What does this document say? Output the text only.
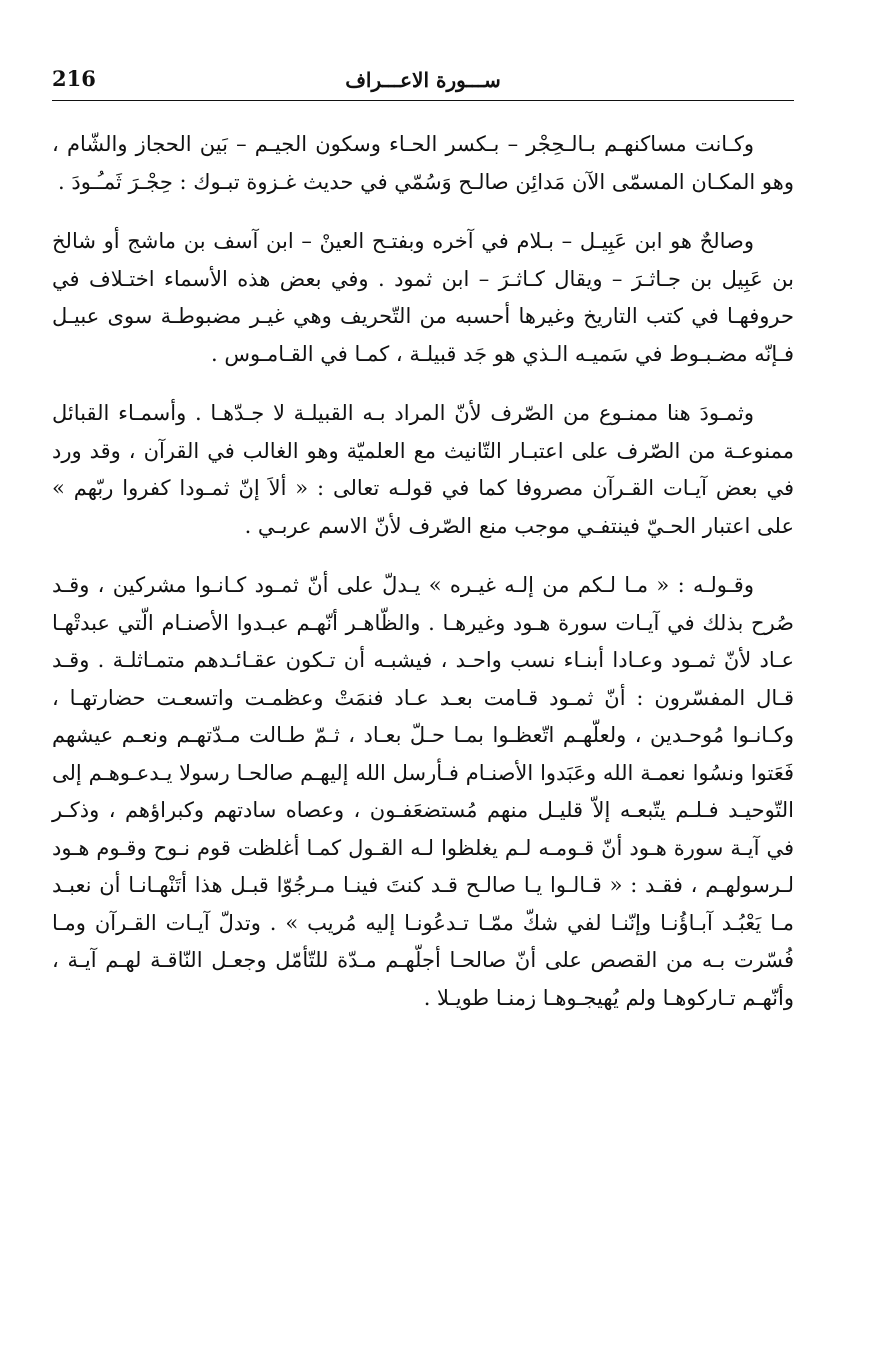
216	ســـورة الاعـــراف

وكـانت مساكنهـم بـالـحِجْر – بـكسر الحـاء وسكون الجيـم – بَين الحجاز والشّام ، وهو المكـان المسمّى الآن مَدائِن صالـح وَسُمّي في حديث غـزوة تبـوك : حِجْـرَ ثَمـُـودَ .

وصالحٌ هو ابن عَبِيـل – بـلام في آخره وبفتـح العينْ – ابن آسف بن ماشج أو شالخ بن عَبِيل بن جـاثـرَ – ويقال كـاثـرَ – ابن ثمود . وفي بعض هذه الأسماء اختـلاف في حروفهـا في كتب التاريخ وغيرها أحسبه من التّحريف وهي غيـر مضبوطـة سوى عبيـل فـإنّه مضـبـوط في سَميـه الـذي هو جَد قبيلـة ، كمـا في القـامـوس .

وثمـودَ هنا ممنـوع من الصّرف لأنّ المراد بـه القبيلـة لا جـدّهـا . وأسمـاء القبائل ممنوعـة من الصّرف على اعتبـار التّانيث مع العلميّة وهو الغالب في القرآن ، وقد ورد في بعض آيـات القـرآن مصروفا كما في قولـه تعالى : « ألاَ إنّ ثمـودا كفروا ربّهم » على اعتبار الحـيّ فينتفـي موجب منع الصّرف لأنّ الاسم عربـي .

وقـولـه : « مـا لـكم من إلـه غيـره » يـدلّ على أنّ ثمـود كـانـوا مشركين ، وقـد صُرح بذلك في آيـات سورة هـود وغيرهـا . والظّاهـر أنّهـم عبـدوا الأصنـام الّتي عبدتْهـا عـاد لأنّ ثمـود وعـادا أبنـاء نسب واحـد ، فيشبـه أن تـكون عقـائـدهم متمـاثلـة . وقـد قـال المفسّرون : أنّ ثمـود قـامت بعـد عـاد فنمَتْ وعظمـت واتسعـت حضارتهـا ، وكـانـوا مُوحـدين ، ولعلّهـم اتّعظـوا بمـا حـلّ بعـاد ، ثـمّ طـالت مـدّتهـم ونعـم عيشهم فَعَتوا ونسُوا نعمـة الله وعَبَدوا الأصنـام فـأرسل الله إليهـم صالحـا رسولا يـدعـوهـم إلى التّوحيـد فـلـم يتّبعـه إلاّ قليـل منهم مُستضعَفـون ، وعصاه سادتهم وكبراؤهم ، وذكـر في آيـة سورة هـود أنّ قـومـه لـم يغلظوا لـه القـول كمـا أغلظت قوم نـوح وقـوم هـود لـرسولهـم ، فقـد : « قـالـوا يـا صالـح قـد كنتَ فينـا مـرجُوّا قبـل هذا أتَنْهـانـا أن نعبـد مـا يَعْبُـد آبـاؤُنـا وإنّنـا لفي شكّ ممّـا تـدعُونـا إليه مُريب » . وتدلّ آيـات القـرآن ومـا فُسّرت بـه من القصص على أنّ صالحـا أجلّهـم مـدّة للتّأمّل وجعـل النّاقـة لهـم آيـة ، وأنّهـم تـاركوهـا ولم يُهيجـوهـا زمنـا طويـلا .
